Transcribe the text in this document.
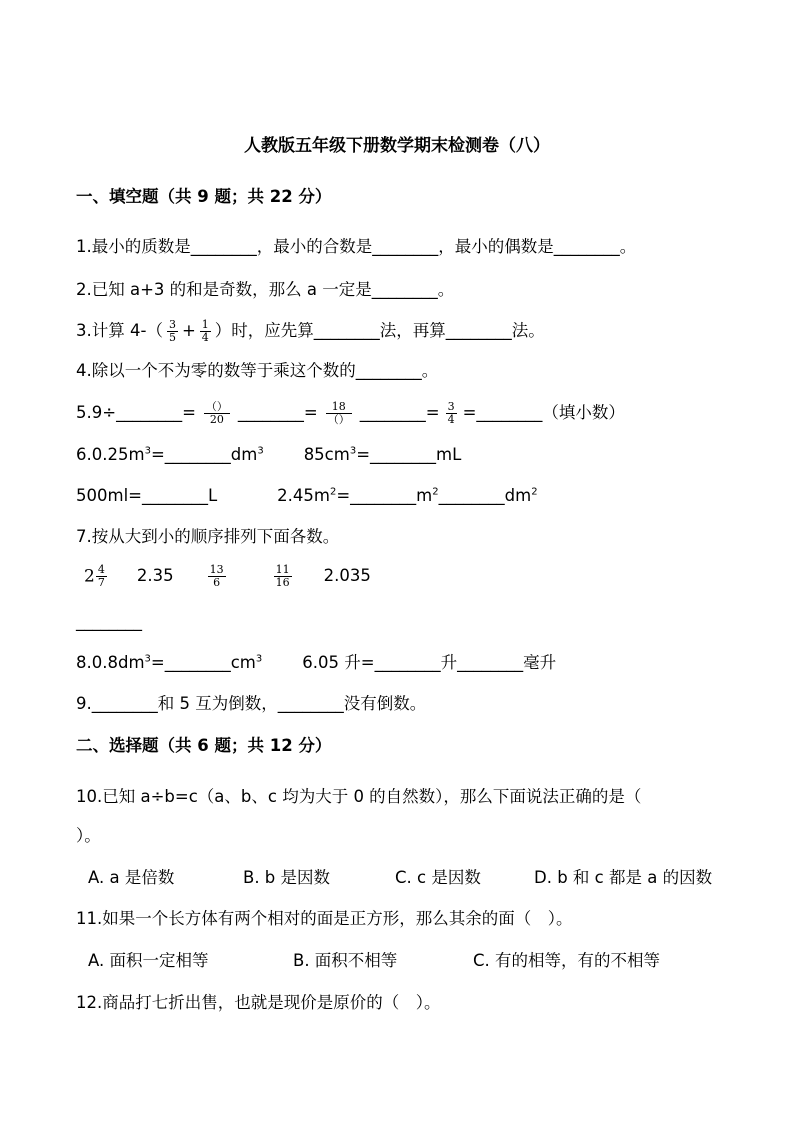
人教版五年级下册数学期末检测卷（八）
一、填空题（共 9 题；共 22 分）
1.最小的质数是________，最小的合数是________，最小的偶数是________。
2.已知 a+3 的和是奇数，那么 a 一定是________。
3.计算 $4-( \frac{3}{5} + \frac{1}{4}$ ）时，应先算________法，再算________法。
4.除以一个不为零的数等于乘这个数的________。
5.9÷________= $\frac{()}{20}$ ________= $\frac{18}{()}$ ________= $\frac{3}{4}$ =________（填小数）
$6.0.25m^3=\_\_\_\_\_\_\_\_dm^3$ $85cm^3=\_\_\_\_\_\_\_\_mL$
500ml=________L	$2.45m^2=\_\_\_\_\_\_\_\_m^2\_\_\_\_\_\_\_\_dm^2$
7.按从大到小的顺序排列下面各数。
$2 \frac{4}{7} 2.35$	$\frac{13}{6}$	$\frac{11}{16} 2.035$
________
$8.0.8dm^3=\_\_\_\_\_\_\_\_cm^3$ 6.05 升=________升________毫升
9.________和 5 互为倒数，________没有倒数。
二、选择题（共 6 题；共 12 分）
10.已知 a÷b=c（a、b、c 均为大于 0 的自然数），那么下面说法正确的是（
）。
A. a 是倍数	B. b 是因数	C. c 是因数	D. b 和 c 都是 a 的因数
11.如果一个长方体有两个相对的面是正方形，那么其余的面（　）。
A. 面积一定相等	B. 面积不相等	C. 有的相等，有的不相等
12.商品打七折出售，也就是现价是原价的（　）。
